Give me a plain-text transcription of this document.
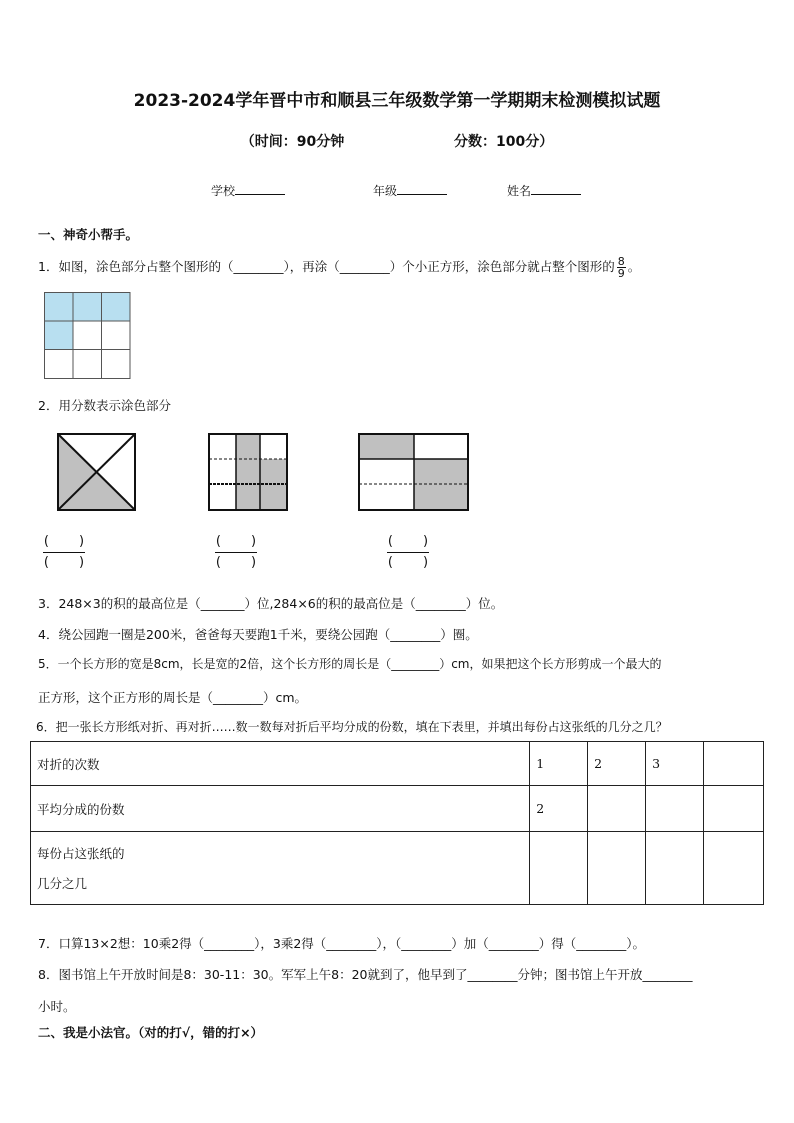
2023-2024学年晋中市和顺县三年级数学第一学期期末检测模拟试题
（时间：90分钟	分数：100分）
学校	年级	姓名
一、神奇小帮手。
1．如图，涂色部分占整个图形的（________），再涂（________）个小正方形，涂色部分就占整个图形的 $\frac{8}{9}$ 。
2．用分数表示涂色部分
( )
( )
( )
( )
( )
( )
3．248×3的积的最高位是（_______）位,284×6的积的最高位是（________）位。
4．绕公园跑一圈是200米，爸爸每天要跑1千米，要绕公园跑（________）圈。
5．一个长方形的宽是8cm，长是宽的2倍，这个长方形的周长是（________）cm，如果把这个长方形剪成一个最大的
正方形，这个正方形的周长是（________）cm。
6．把一张长方形纸对折、再对折……数一数每对折后平均分成的份数，填在下表里，并填出每份占这张纸的几分之几？
对折的次数	1	2	3	
平均分成的份数	2			

每份占这张纸的
几分之几				

7．口算13×2想：10乘2得（________），3乘2得（________），（________）加（________）得（________）。
8．图书馆上午开放时间是8：30-11：30。军军上午8：20就到了，他早到了________分钟；图书馆上午开放________
小时。
二、我是小法官。（对的打√，错的打×）
